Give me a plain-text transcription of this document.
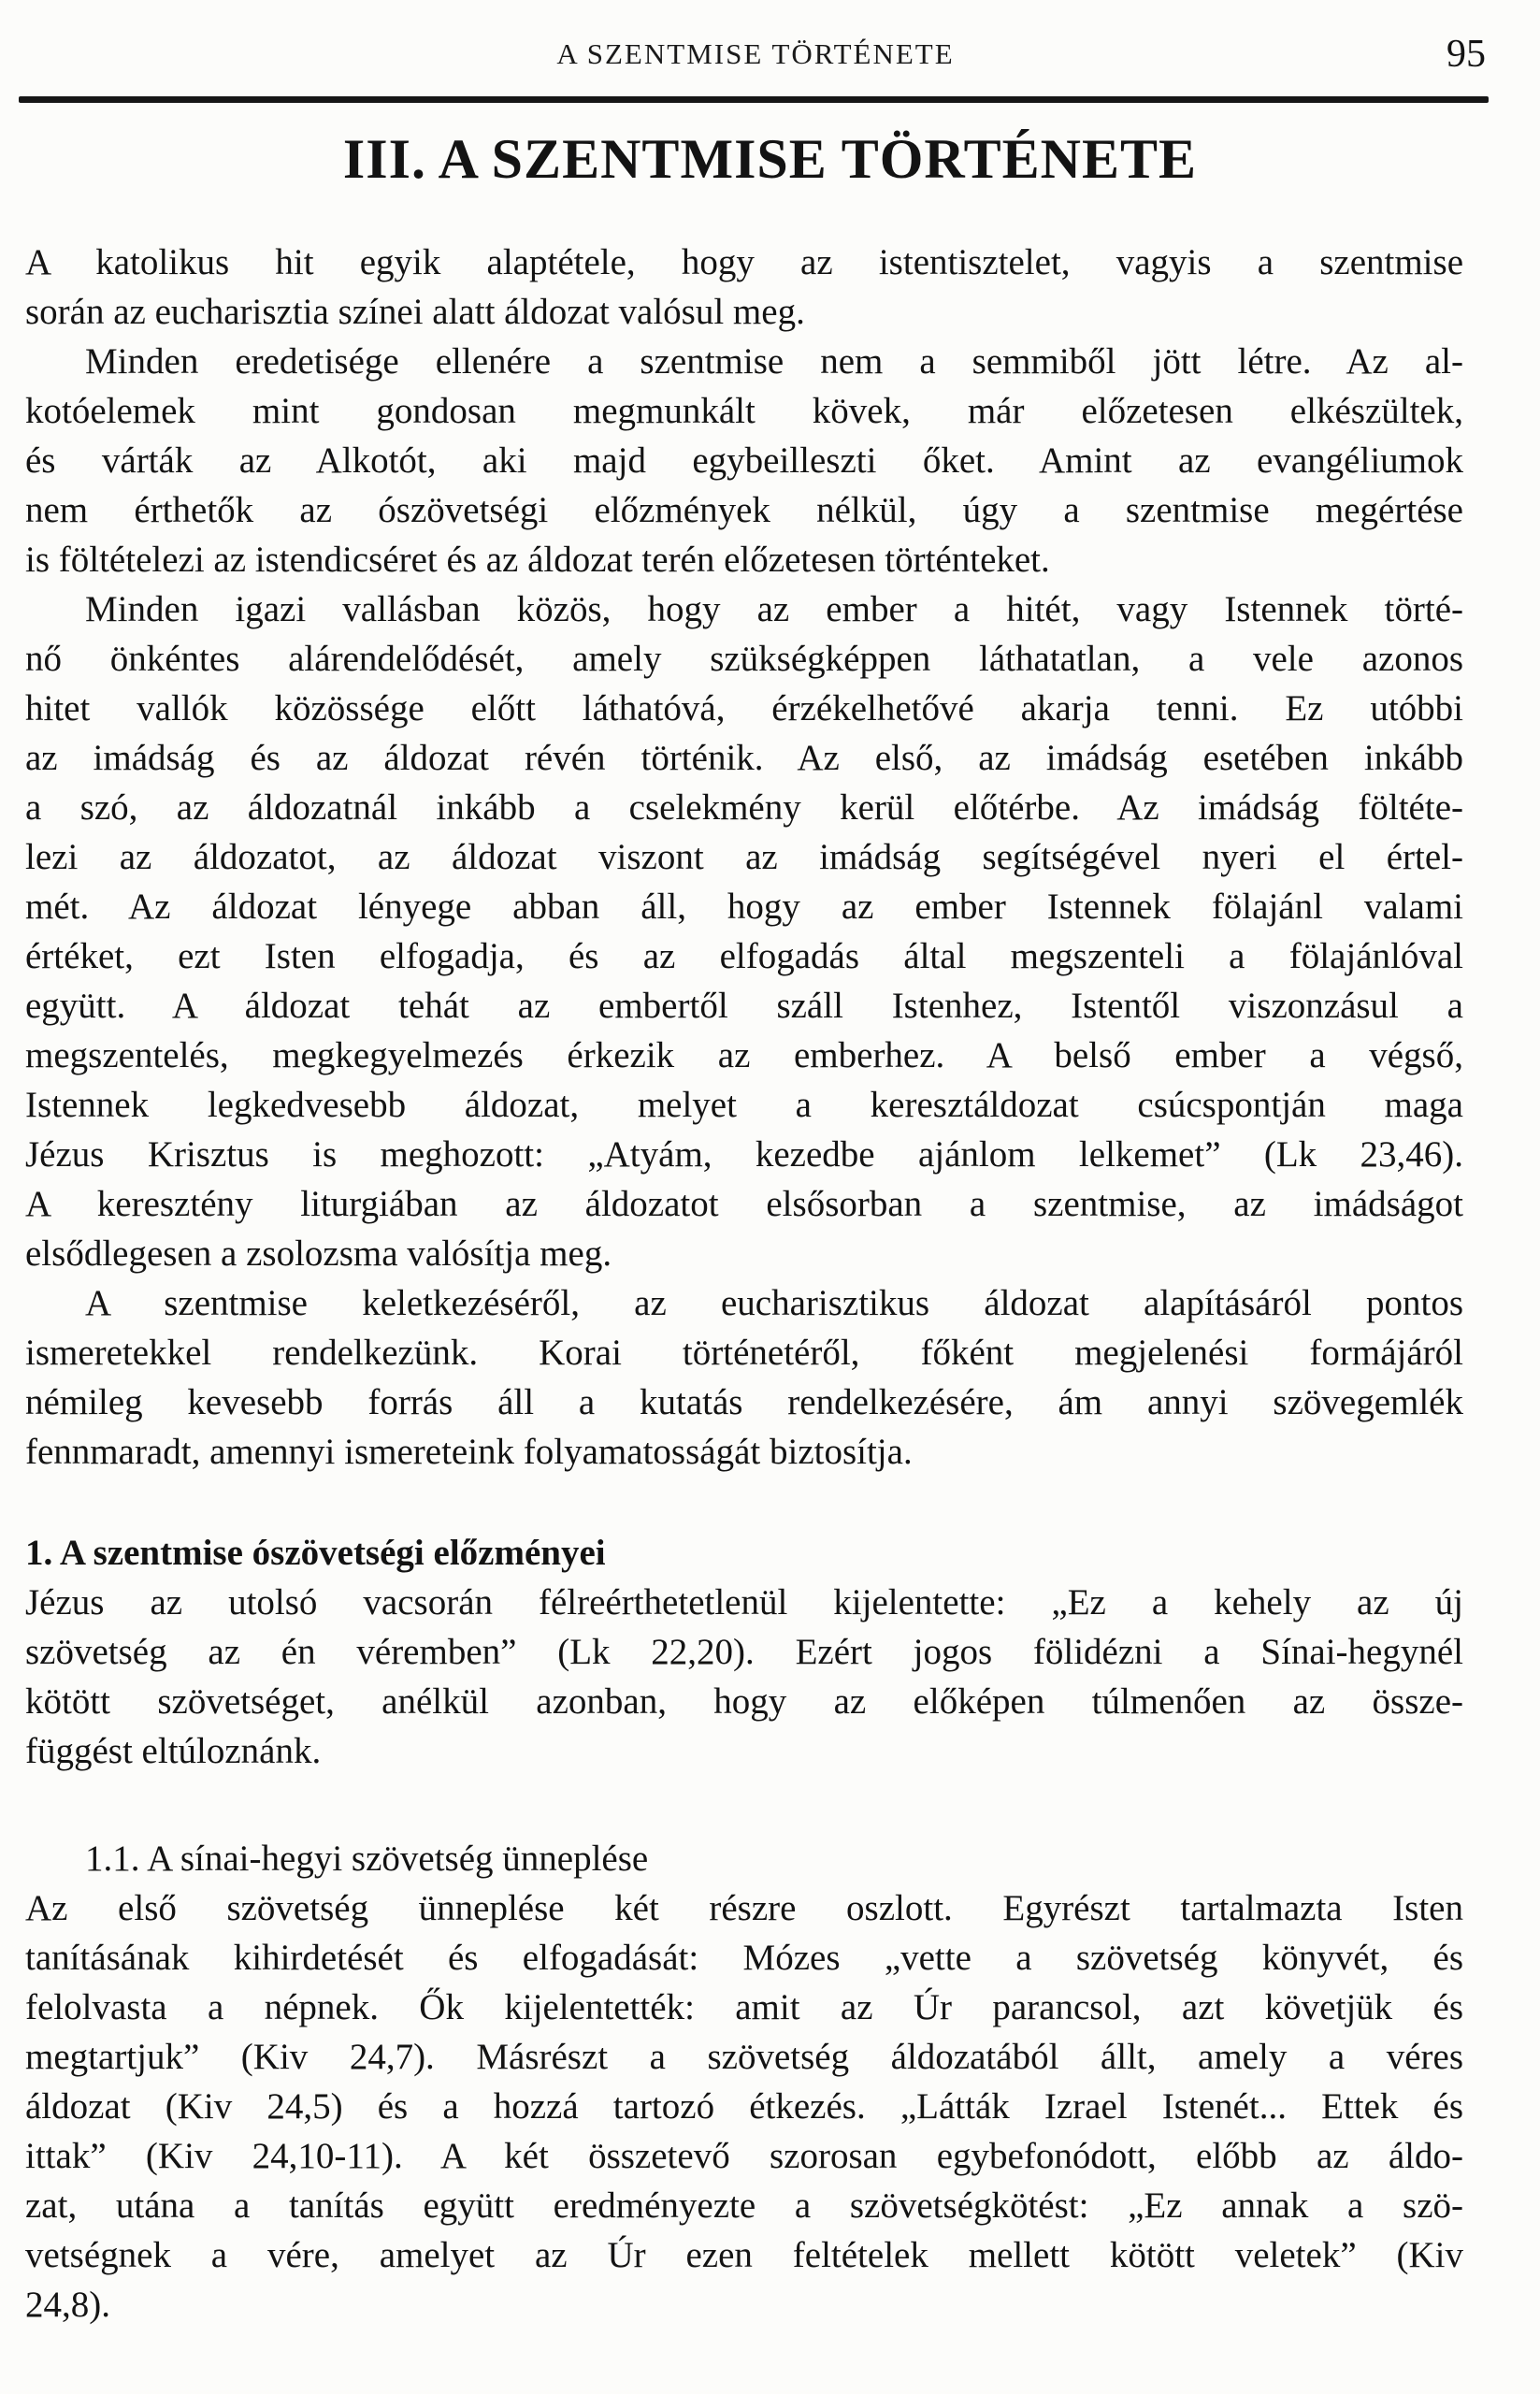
A SZENTMISE TÖRTÉNETE	95
III. A SZENTMISE TÖRTÉNETE
A katolikus hit egyik alaptétele, hogy az istentisztelet, vagyis a szentmise
során az eucharisztia színei alatt áldozat valósul meg.
Minden eredetisége ellenére a szentmise nem a semmiből jött létre. Az al-
kotóelemek mint gondosan megmunkált kövek, már előzetesen elkészültek,
és várták az Alkotót, aki majd egybeilleszti őket. Amint az evangéliumok
nem érthetők az ószövetségi előzmények nélkül, úgy a szentmise megértése
is föltételezi az istendicséret és az áldozat terén előzetesen történteket.
Minden igazi vallásban közös, hogy az ember a hitét, vagy Istennek törté-
nő önkéntes alárendelődését, amely szükségképpen láthatatlan, a vele azonos
hitet vallók közössége előtt láthatóvá, érzékelhetővé akarja tenni. Ez utóbbi
az imádság és az áldozat révén történik. Az első, az imádság esetében inkább
a szó, az áldozatnál inkább a cselekmény kerül előtérbe. Az imádság föltéte-
lezi az áldozatot, az áldozat viszont az imádság segítségével nyeri el értel-
mét. Az áldozat lényege abban áll, hogy az ember Istennek fölajánl valami
értéket, ezt Isten elfogadja, és az elfogadás által megszenteli a fölajánlóval
együtt. A áldozat tehát az embertől száll Istenhez, Istentől viszonzásul a
megszentelés, megkegyelmezés érkezik az emberhez. A belső ember a végső,
Istennek legkedvesebb áldozat, melyet a keresztáldozat csúcspontján maga
Jézus Krisztus is meghozott: „Atyám, kezedbe ajánlom lelkemet” (Lk 23,46).
A keresztény liturgiában az áldozatot elsősorban a szentmise, az imádságot
elsődlegesen a zsolozsma valósítja meg.
A szentmise keletkezéséről, az eucharisztikus áldozat alapításáról pontos
ismeretekkel rendelkezünk. Korai történetéről, főként megjelenési formájáról
némileg kevesebb forrás áll a kutatás rendelkezésére, ám annyi szövegemlék
fennmaradt, amennyi ismereteink folyamatosságát biztosítja.
1. A szentmise ószövetségi előzményei
Jézus az utolsó vacsorán félreérthetetlenül kijelentette: „Ez a kehely az új
szövetség az én véremben” (Lk 22,20). Ezért jogos fölidézni a Sínai-hegynél
kötött szövetséget, anélkül azonban, hogy az előképen túlmenően az össze-
függést eltúloznánk.
1.1. A sínai-hegyi szövetség ünneplése
Az első szövetség ünneplése két részre oszlott. Egyrészt tartalmazta Isten
tanításának kihirdetését és elfogadását: Mózes „vette a szövetség könyvét, és
felolvasta a népnek. Ők kijelentették: amit az Úr parancsol, azt követjük és
megtartjuk” (Kiv 24,7). Másrészt a szövetség áldozatából állt, amely a véres
áldozat (Kiv 24,5) és a hozzá tartozó étkezés. „Látták Izrael Istenét... Ettek és
ittak” (Kiv 24,10-11). A két összetevő szorosan egybefonódott, előbb az áldo-
zat, utána a tanítás együtt eredményezte a szövetségkötést: „Ez annak a szö-
vetségnek a vére, amelyet az Úr ezen feltételek mellett kötött veletek” (Kiv
24,8).
